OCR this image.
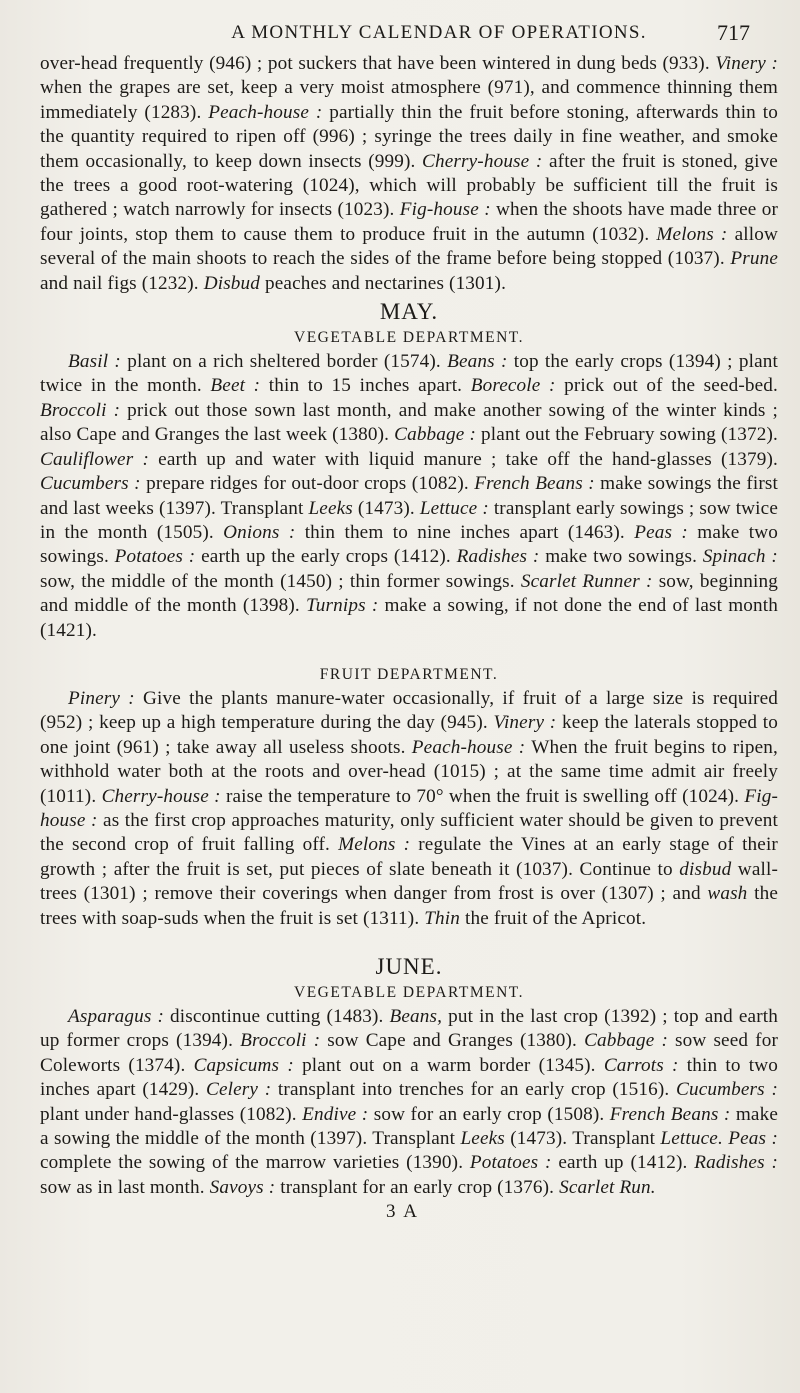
A MONTHLY CALENDAR OF OPERATIONS.	717

over-head frequently (946) ; pot suckers that have been wintered in dung beds (933). Vinery : when the grapes are set, keep a very moist atmosphere (971), and commence thinning them immediately (1283). Peach-house : partially thin the fruit before stoning, afterwards thin to the quantity required to ripen off (996) ; syringe the trees daily in fine weather, and smoke them occasionally, to keep down insects (999). Cherry-house : after the fruit is stoned, give the trees a good root-watering (1024), which will probably be sufficient till the fruit is gathered ; watch narrowly for insects (1023). Fig-house : when the shoots have made three or four joints, stop them to cause them to produce fruit in the autumn (1032). Melons : allow several of the main shoots to reach the sides of the frame before being stopped (1037). Prune and nail figs (1232). Disbud peaches and nectarines (1301).

MAY.
VEGETABLE DEPARTMENT.

Basil : plant on a rich sheltered border (1574). Beans : top the early crops (1394) ; plant twice in the month. Beet : thin to 15 inches apart. Borecole : prick out of the seed-bed. Broccoli : prick out those sown last month, and make another sowing of the winter kinds ; also Cape and Granges the last week (1380). Cabbage : plant out the February sowing (1372). Cauliflower : earth up and water with liquid manure ; take off the hand-glasses (1379). Cucumbers : prepare ridges for out-door crops (1082). French Beans : make sowings the first and last weeks (1397). Transplant Leeks (1473). Lettuce : transplant early sowings ; sow twice in the month (1505). Onions : thin them to nine inches apart (1463). Peas : make two sowings. Potatoes : earth up the early crops (1412). Radishes : make two sowings. Spinach : sow, the middle of the month (1450) ; thin former sowings. Scarlet Runner : sow, beginning and middle of the month (1398). Turnips : make a sowing, if not done the end of last month (1421).

FRUIT DEPARTMENT.

Pinery : Give the plants manure-water occasionally, if fruit of a large size is required (952) ; keep up a high temperature during the day (945). Vinery : keep the laterals stopped to one joint (961) ; take away all useless shoots. Peach-house : When the fruit begins to ripen, withhold water both at the roots and over-head (1015) ; at the same time admit air freely (1011). Cherry-house : raise the temperature to 70° when the fruit is swelling off (1024). Fig-house : as the first crop approaches maturity, only sufficient water should be given to prevent the second crop of fruit falling off. Melons : regulate the Vines at an early stage of their growth ; after the fruit is set, put pieces of slate beneath it (1037). Continue to disbud wall-trees (1301) ; remove their coverings when danger from frost is over (1307) ; and wash the trees with soap-suds when the fruit is set (1311). Thin the fruit of the Apricot.

JUNE.
VEGETABLE DEPARTMENT.

Asparagus : discontinue cutting (1483). Beans, put in the last crop (1392) ; top and earth up former crops (1394). Broccoli : sow Cape and Granges (1380). Cabbage : sow seed for Coleworts (1374). Capsicums : plant out on a warm border (1345). Carrots : thin to two inches apart (1429). Celery : transplant into trenches for an early crop (1516). Cucumbers : plant under hand-glasses (1082). Endive : sow for an early crop (1508). French Beans : make a sowing the middle of the month (1397). Transplant Leeks (1473). Transplant Lettuce. Peas : complete the sowing of the marrow varieties (1390). Potatoes : earth up (1412). Radishes : sow as in last month. Savoys : transplant for an early crop (1376). Scarlet Run.

3 A
